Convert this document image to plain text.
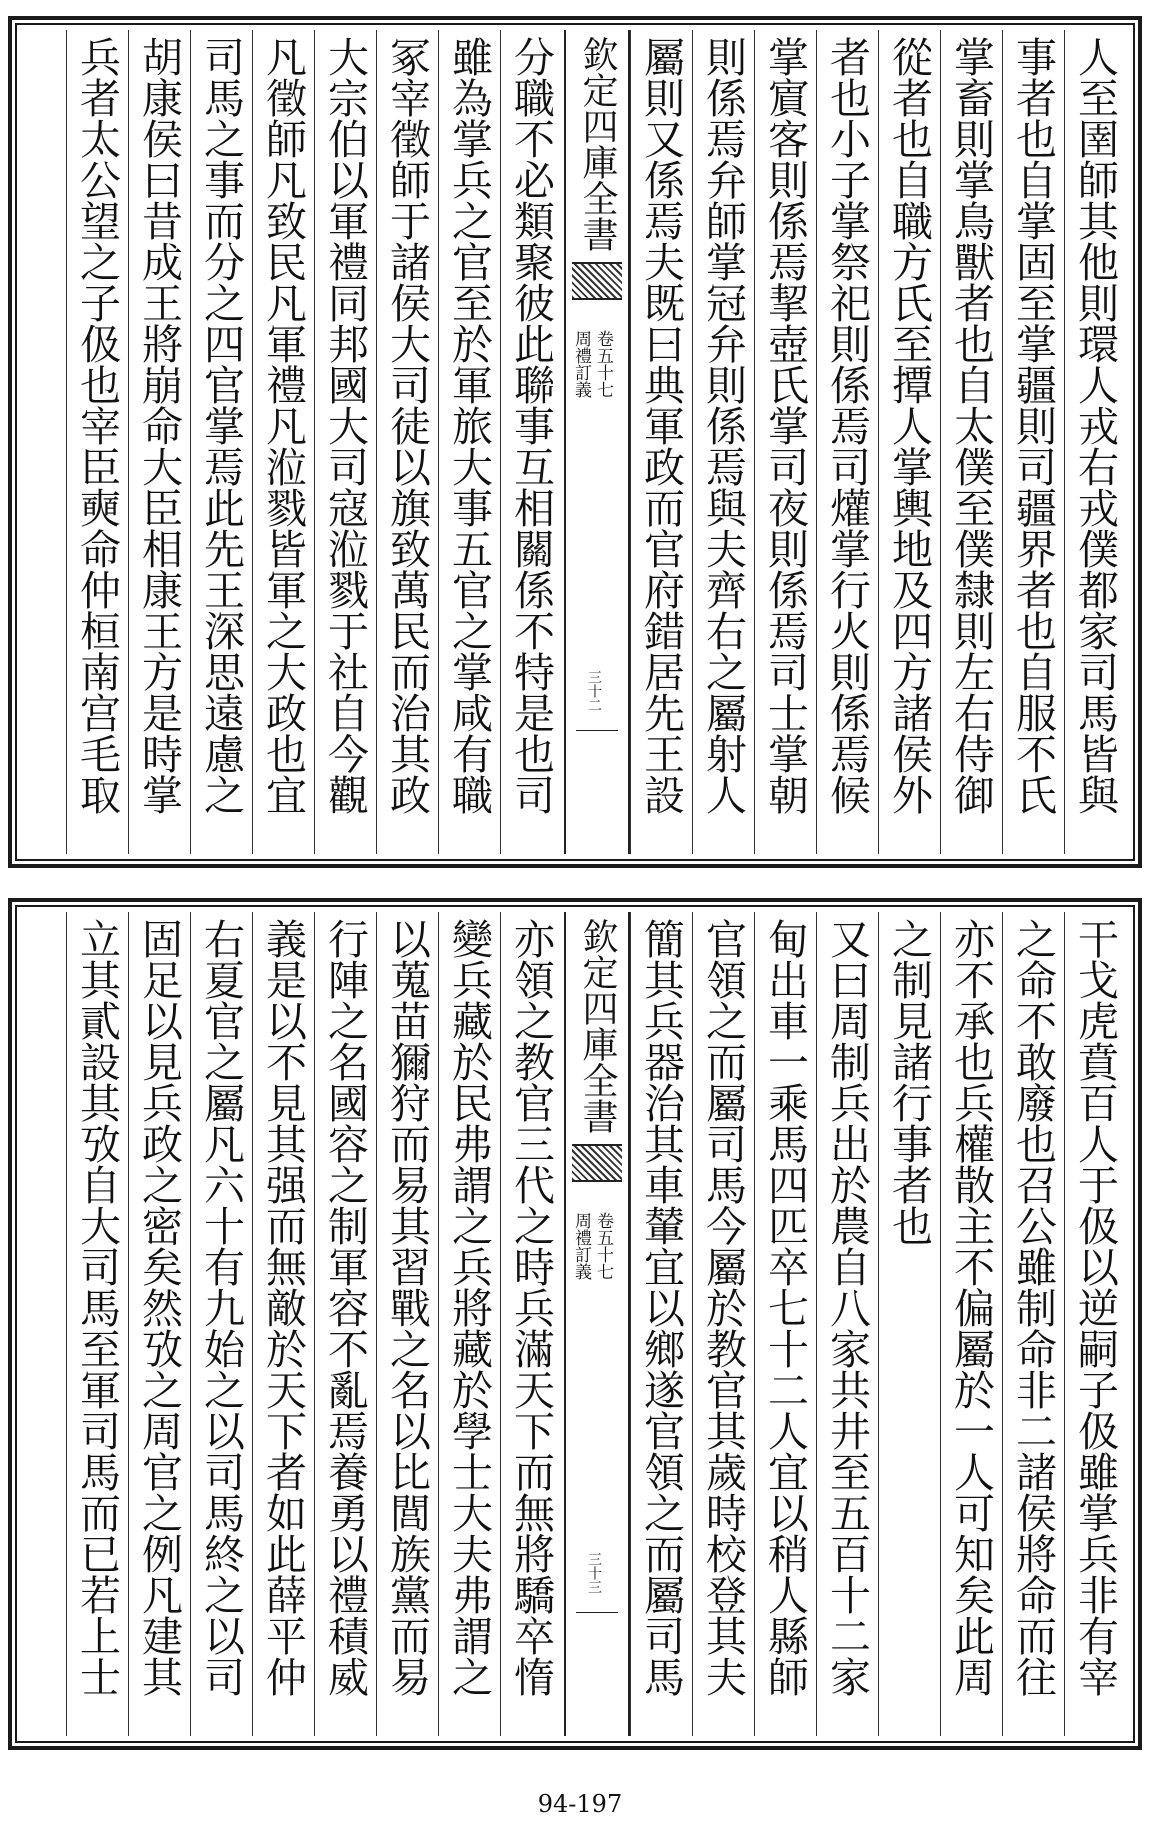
人至圉師其他則環人戎右戎僕都家司馬皆與
事者也自掌固至掌疆則司疆界者也自服不氏
掌畜則掌鳥獸者也自太僕至僕隸則左右侍御
從者也自職方氏至撢人掌輿地及四方諸侯外
者也小子掌祭祀則係焉司爟掌行火則係焉候
掌賔客則係焉挈壺氏掌司夜則係焉司士掌朝
則係焉弁師掌冠弁則係焉與夫齊右之屬射人
屬則又係焉夫既曰典軍政而官府錯居先王設
欽定四庫全書
周禮訂義 卷五十七
三十二
分職不必類聚彼此聯事互相關係不特是也司
雖為掌兵之官至於軍旅大事五官之掌咸有職
冢宰徵師于諸侯大司徒以旗致萬民而治其政
大宗伯以軍禮同邦國大司寇涖戮于社自今觀
凡徵師凡致民凡軍禮凡涖戮皆軍之大政也宜
司馬之事而分之四官掌焉此先王深思遠慮之
胡康侯曰昔成王將崩命大臣相康王方是時掌
兵者太公望之子伋也宰臣奭命仲桓南宫毛取
干戈虎賁百人于伋以逆嗣子伋雖掌兵非有宰
之命不敢廢也召公雖制命非二諸侯將命而往
亦不承也兵權散主不偏屬於一人可知矣此周
之制見諸行事者也
又曰周制兵出於農自八家共井至五百十二家
甸出車一乘馬四匹卒七十二人宜以稍人縣師
官領之而屬司馬今屬於教官其歲時校登其夫
簡其兵器治其車輦宜以鄉遂官領之而屬司馬
欽定四庫全書
周禮訂義 卷五十七
三十三
亦領之教官三代之時兵滿天下而無將驕卒惰
變兵藏於民弗謂之兵將藏於學士大夫弗謂之
以蒐苗獮狩而易其習戰之名以比閭族黨而易
行陣之名國容之制軍容不亂焉養勇以禮積威
義是以不見其强而無敵於天下者如此薛平仲
右夏官之屬凡六十有九始之以司馬終之以司
固足以見兵政之密矣然攷之周官之例凡建其
立其貳設其攷自大司馬至軍司馬而已若上士
94-197
